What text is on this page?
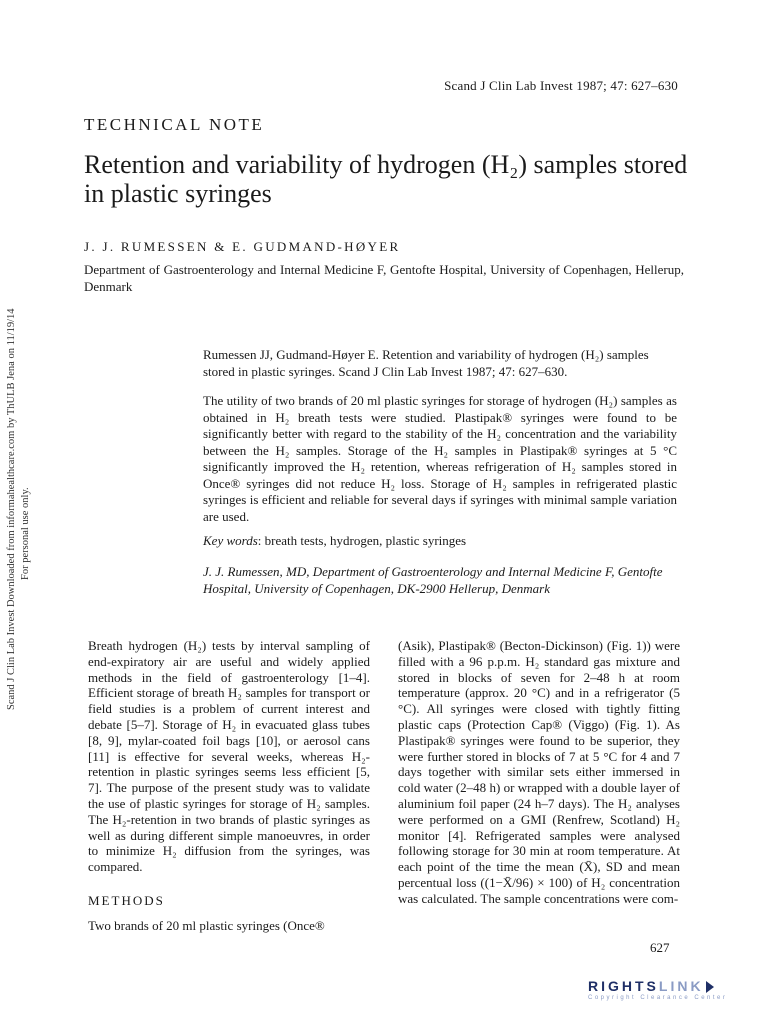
Scand J Clin Lab Invest 1987; 47: 627–630
TECHNICAL NOTE
Retention and variability of hydrogen (H₂) samples stored in plastic syringes
J. J. RUMESSEN & E. GUDMAND-HØYER
Department of Gastroenterology and Internal Medicine F, Gentofte Hospital, University of Copenhagen, Hellerup, Denmark
Rumessen JJ, Gudmand-Høyer E. Retention and variability of hydrogen (H₂) samples stored in plastic syringes. Scand J Clin Lab Invest 1987; 47: 627–630.
The utility of two brands of 20 ml plastic syringes for storage of hydrogen (H₂) samples as obtained in H₂ breath tests were studied. Plastipak® syringes were found to be significantly better with regard to the stability of the H₂ concentration and the variability between the H₂ samples. Storage of the H₂ samples in Plastipak® syringes at 5 °C significantly improved the H₂ retention, whereas refrigeration of H₂ samples stored in Once® syringes did not reduce H₂ loss. Storage of H₂ samples in refrigerated plastic syringes is efficient and reliable for several days if syringes with minimal sample variation are used.
Key words: breath tests, hydrogen, plastic syringes
J. J. Rumessen, MD, Department of Gastroenterology and Internal Medicine F, Gentofte Hospital, University of Copenhagen, DK-2900 Hellerup, Denmark
Breath hydrogen (H₂) tests by interval sampling of end-expiratory air are useful and widely applied methods in the field of gastroenterology [1–4]. Efficient storage of breath H₂ samples for transport or field studies is a problem of current interest and debate [5–7]. Storage of H₂ in evacuated glass tubes [8, 9], mylar-coated foil bags [10], or aerosol cans [11] is effective for several weeks, whereas H₂-retention in plastic syringes seems less efficient [5, 7]. The purpose of the present study was to validate the use of plastic syringes for storage of H₂ samples. The H₂-retention in two brands of plastic syringes as well as during different simple manoeuvres, in order to minimize H₂ diffusion from the syringes, was compared.
METHODS
Two brands of 20 ml plastic syringes (Once®
(Asik), Plastipak® (Becton-Dickinson) (Fig. 1)) were filled with a 96 p.p.m. H₂ standard gas mixture and stored in blocks of seven for 2–48 h at room temperature (approx. 20 °C) and in a refrigerator (5 °C). All syringes were closed with tightly fitting plastic caps (Protection Cap® (Viggo) (Fig. 1). As Plastipak® syringes were found to be superior, they were further stored in blocks of 7 at 5 °C for 4 and 7 days together with similar sets either immersed in cold water (2–48 h) or wrapped with a double layer of aluminium foil paper (24 h–7 days). The H₂ analyses were performed on a GMI (Renfrew, Scotland) H₂ monitor [4]. Refrigerated samples were analysed following storage for 30 min at room temperature. At each point of the time the mean (X̄), SD and mean percentual loss ((1−X̄/96) × 100) of H₂ concentration was calculated. The sample concentrations were com-
627
Scand J Clin Lab Invest Downloaded from informahealthcare.com by ThULB Jena on 11/19/14 For personal use only.
RIGHTSLINK
Copyright Clearance Center
